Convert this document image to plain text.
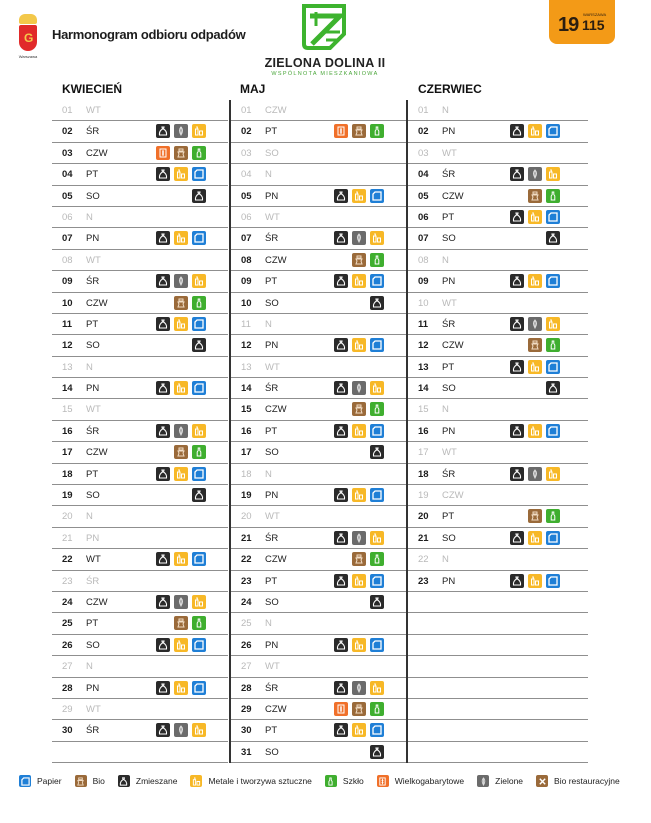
G
Warszawa
Harmonogram odbioru odpadów
ZIELONA DOLINA II
WSPÓLNOTA MIESZKANIOWA
19 WARSZAWA
115
KWIECIEŃ
01	WT
02	ŚR
03	CZW
04	PT
05	SO
06	N
07	PN
08	WT
09	ŚR
10	CZW
11	PT
12	SO
13	N
14	PN
15	WT
16	ŚR
17	CZW
18	PT
19	SO
20	N
21	PN
22	WT
23	ŚR
24	CZW
25	PT
26	SO
27	N
28	PN
29	WT
30	ŚR
MAJ
01	CZW
02	PT
03	SO
04	N
05	PN
06	WT
07	ŚR
08	CZW
09	PT
10	SO
11	N
12	PN
13	WT
14	ŚR
15	CZW
16	PT
17	SO
18	N
19	PN
20	WT
21	ŚR
22	CZW
23	PT
24	SO
25	N
26	PN
27	WT
28	ŚR
29	CZW
30	PT
31	SO
CZERWIEC
01	N
02	PN
03	WT
04	ŚR
05	CZW
06	PT
07	SO
08	N
09	PN
10	WT
11	ŚR
12	CZW
13	PT
14	SO
15	N
16	PN
17	WT
18	ŚR
19	CZW
20	PT
21	SO
22	N
23	PN
Papier	Bio	Zmieszane	Metale i tworzywa sztuczne	Szkło	Wielkogabarytowe	Zielone	Bio restauracyjne
